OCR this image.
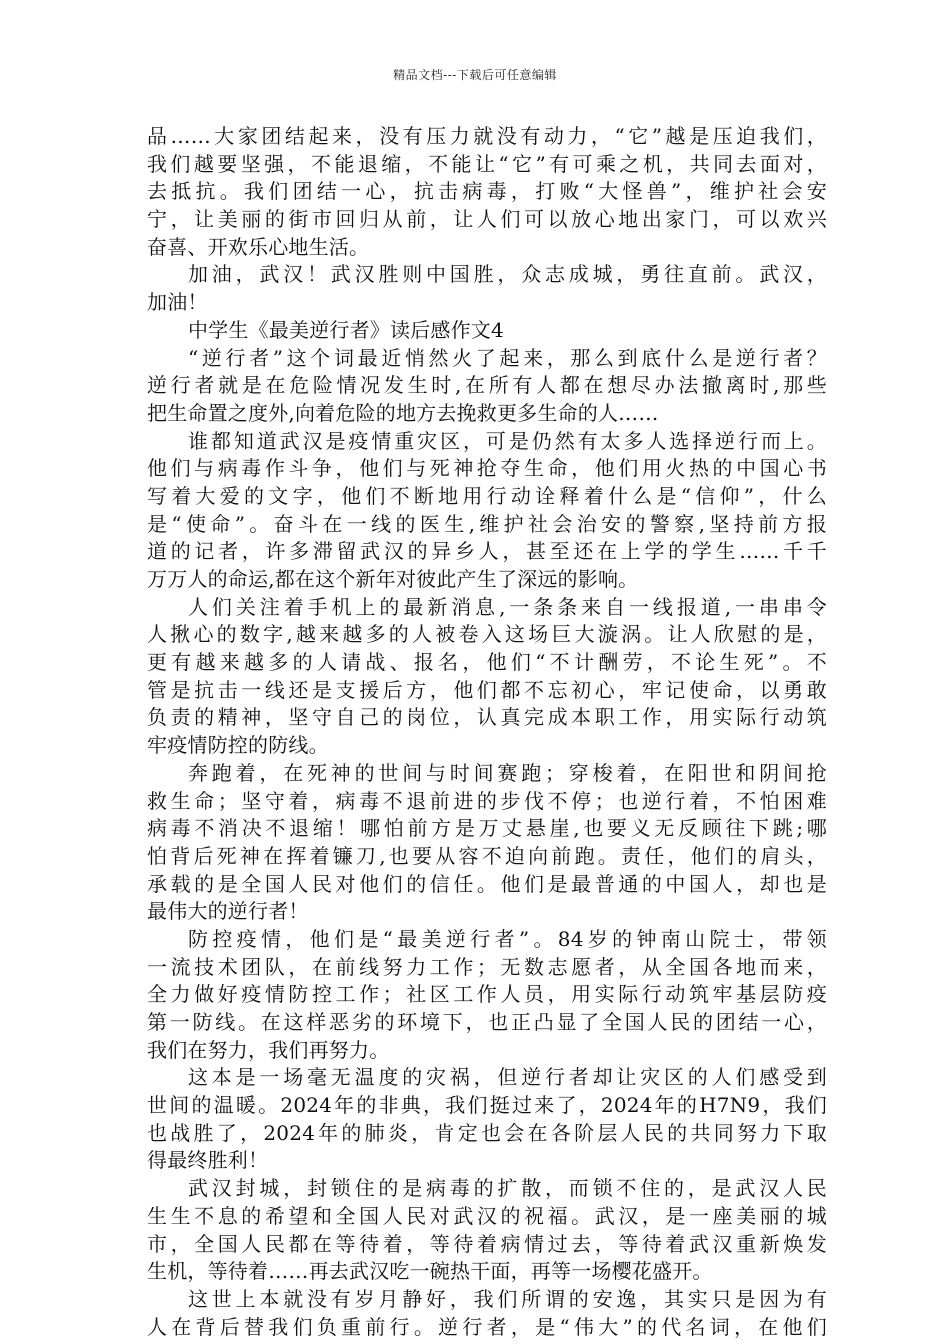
精品文档---下载后可任意编辑
品……大家团结起来，没有压力就没有动力，“它”越是压迫我们，
我们越要坚强，不能退缩，不能让“它”有可乘之机，共同去面对，
去抵抗。我们团结一心，抗击病毒，打败“大怪兽”，维护社会安
宁，让美丽的街市回归从前，让人们可以放心地出家门，可以欢兴
奋喜、开欢乐心地生活。
加油，武汉！武汉胜则中国胜，众志成城，勇往直前。武汉，
加油！
中学生《最美逆行者》读后感作文4
“逆行者”这个词最近悄然火了起来，那么到底什么是逆行者？
逆行者就是在危险情况发生时,在所有人都在想尽办法撤离时,那些
把生命置之度外,向着危险的地方去挽救更多生命的人……
谁都知道武汉是疫情重灾区，可是仍然有太多人选择逆行而上。
他们与病毒作斗争，他们与死神抢夺生命，他们用火热的中国心书
写着大爱的文字，他们不断地用行动诠释着什么是“信仰”，什么
是“使命”。奋斗在一线的医生,维护社会治安的警察,坚持前方报
道的记者，许多滞留武汉的异乡人，甚至还在上学的学生……千千
万万人的命运,都在这个新年对彼此产生了深远的影响。
人们关注着手机上的最新消息,一条条来自一线报道,一串串令
人揪心的数字,越来越多的人被卷入这场巨大漩涡。让人欣慰的是，
更有越来越多的人请战、报名，他们“不计酬劳，不论生死”。不
管是抗击一线还是支援后方，他们都不忘初心，牢记使命，以勇敢
负责的精神，坚守自己的岗位，认真完成本职工作，用实际行动筑
牢疫情防控的防线。
奔跑着，在死神的世间与时间赛跑；穿梭着，在阳世和阴间抢
救生命；坚守着，病毒不退前进的步伐不停；也逆行着，不怕困难
病毒不消决不退缩！哪怕前方是万丈悬崖,也要义无反顾往下跳;哪
怕背后死神在挥着镰刀,也要从容不迫向前跑。责任，他们的肩头，
承载的是全国人民对他们的信任。他们是最普通的中国人，却也是
最伟大的逆行者！
防控疫情，他们是“最美逆行者”。84岁的钟南山院士，带领
一流技术团队，在前线努力工作；无数志愿者，从全国各地而来，
全力做好疫情防控工作；社区工作人员，用实际行动筑牢基层防疫
第一防线。在这样恶劣的环境下，也正凸显了全国人民的团结一心，
我们在努力，我们再努力。
这本是一场毫无温度的灾祸，但逆行者却让灾区的人们感受到
世间的温暖。2024年的非典，我们挺过来了，2024年的H7N9，我们
也战胜了，2024年的肺炎，肯定也会在各阶层人民的共同努力下取
得最终胜利！
武汉封城，封锁住的是病毒的扩散，而锁不住的，是武汉人民
生生不息的希望和全国人民对武汉的祝福。武汉，是一座美丽的城
市，全国人民都在等待着，等待着病情过去，等待着武汉重新焕发
生机，等待着……再去武汉吃一碗热干面，再等一场樱花盛开。
这世上本就没有岁月静好，我们所谓的安逸，其实只是因为有
人在背后替我们负重前行。逆行者，是“伟大”的代名词，在他们
